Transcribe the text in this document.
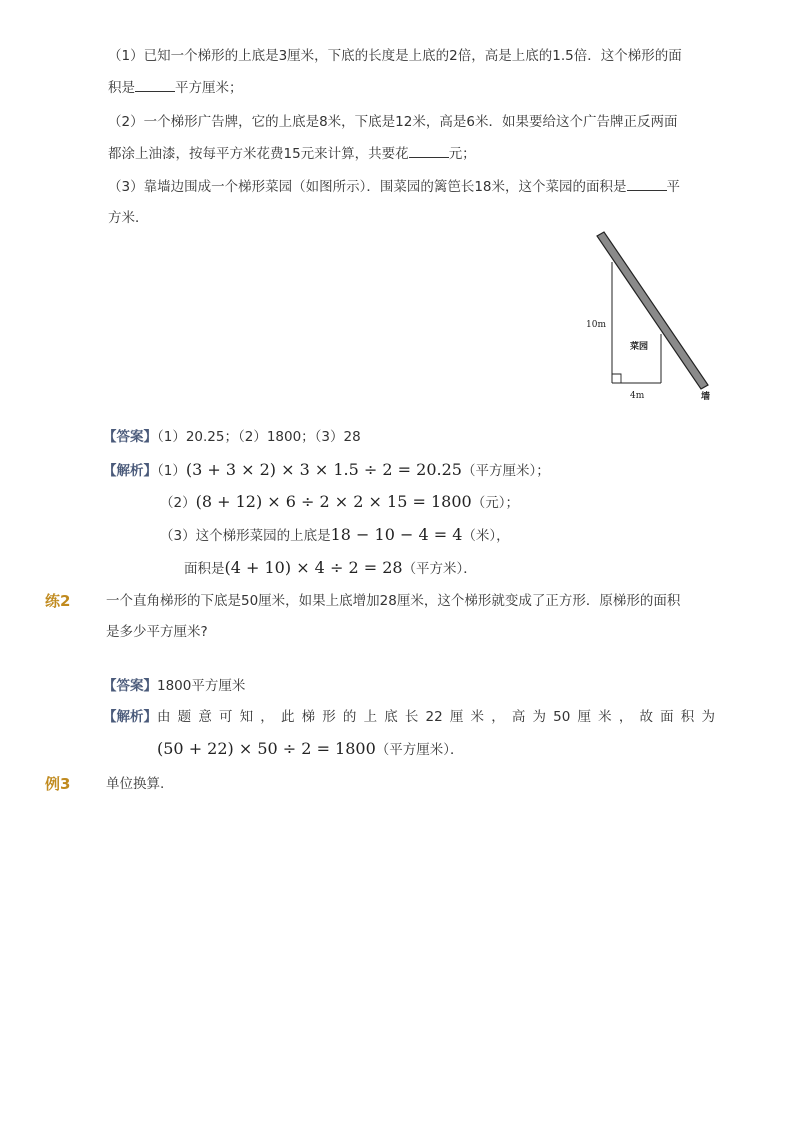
（1）已知一个梯形的上底是3厘米，下底的长度是上底的2倍，高是上底的1.5倍．这个梯形的面
积是	平方厘米；
（2）一个梯形广告牌，它的上底是8米，下底是12米，高是6米．如果要给这个广告牌正反两面
都涂上油漆，按每平方米花费15元来计算，共要花	元；
（3）靠墙边围成一个梯形菜园（如图所示）．围菜园的篱笆长18米，这个菜园的面积是	平
方米．
10m
菜园
4m	墙
【答案】（1）20.25；（2）1800；（3）28
【解析】（1）(3 + 3 × 2) × 3 × 1.5 ÷ 2 = 20.25（平方厘米）；
（2）(8 + 12) × 6 ÷ 2 × 2 × 15 = 1800（元）；
（3）这个梯形菜园的上底是18 − 10 − 4 = 4（米），
面积是(4 + 10) × 4 ÷ 2 = 28（平方米）．
练2	一个直角梯形的下底是50厘米，如果上底增加28厘米，这个梯形就变成了正方形．原梯形的面积
是多少平方厘米?
【答案】1800平方厘米
【解析】 由 题 意 可 知 ， 此 梯 形 的 上 底 长 22 厘 米 ， 高 为 50 厘 米 ， 故 面 积 为
(50 + 22) × 50 ÷ 2 = 1800（平方厘米）．
例3	单位换算.
